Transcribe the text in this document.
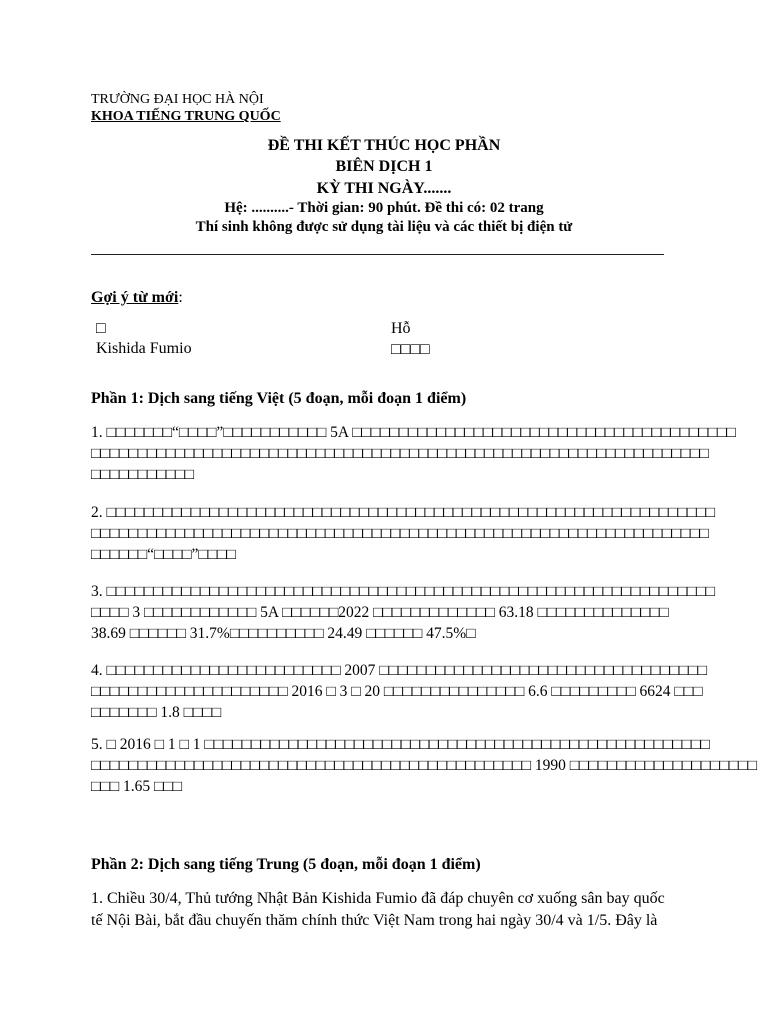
TRƯỜNG ĐẠI HỌC HÀ NỘI
KHOA TIẾNG TRUNG QUỐC
ĐỀ THI KẾT THÚC HỌC PHẦN
BIÊN DỊCH 1
KỲ THI NGÀY.......
Hệ: ..........- Thời gian: 90 phút. Đề thi có: 02 trang
Thí sinh không được sử dụng tài liệu và các thiết bị điện tử
Gợi ý từ mới:
□	Hỗ
Kishida Fumio	□□□□
Phần 1: Dịch sang tiếng Việt (5 đoạn, mỗi đoạn 1 điểm)
1. □□□□□□□“□□□□”□□□□□□□□□□□ 5A □□□□□□□□□□□□□□□□□□□□□□□□□□□□□□□□□□□□□□□□□
□□□□□□□□□□□□□□□□□□□□□□□□□□□□□□□□□□□□□□□□□□□□□□□□□□□□□□□□□□□□□□□□□□
□□□□□□□□□□□
2. □□□□□□□□□□□□□□□□□□□□□□□□□□□□□□□□□□□□□□□□□□□□□□□□□□□□□□□□□□□□□□□□□
□□□□□□□□□□□□□□□□□□□□□□□□□□□□□□□□□□□□□□□□□□□□□□□□□□□□□□□□□□□□□□□□□□
□□□□□□“□□□□”□□□□
3. □□□□□□□□□□□□□□□□□□□□□□□□□□□□□□□□□□□□□□□□□□□□□□□□□□□□□□□□□□□□□□□□□
□□□□ 3 □□□□□□□□□□□□ 5A □□□□□□2022 □□□□□□□□□□□□□ 63.18 □□□□□□□□□□□□□□
38.69 □□□□□□ 31.7%□□□□□□□□□□ 24.49 □□□□□□ 47.5%□
4. □□□□□□□□□□□□□□□□□□□□□□□□□ 2007 □□□□□□□□□□□□□□□□□□□□□□□□□□□□□□□□□□□
□□□□□□□□□□□□□□□□□□□□□ 2016 □ 3 □ 20 □□□□□□□□□□□□□□□ 6.6 □□□□□□□□□ 6624 □□□
□□□□□□□ 1.8 □□□□
5. □ 2016 □ 1 □ 1 □□□□□□□□□□□□□□□□□□□□□□□□□□□□□□□□□□□□□□□□□□□□□□□□□□□□□□
□□□□□□□□□□□□□□□□□□□□□□□□□□□□□□□□□□□□□□□□□□□□□□□ 1990 □□□□□□□□□□□□□□□□□□□□
□□□ 1.65 □□□
Phần 2: Dịch sang tiếng Trung (5 đoạn, mỗi đoạn 1 điểm)
1. Chiều 30/4, Thủ tướng Nhật Bản Kishida Fumio đã đáp chuyên cơ xuống sân bay quốc
tế Nội Bài, bắt đầu chuyến thăm chính thức Việt Nam trong hai ngày 30/4 và 1/5. Đây là
